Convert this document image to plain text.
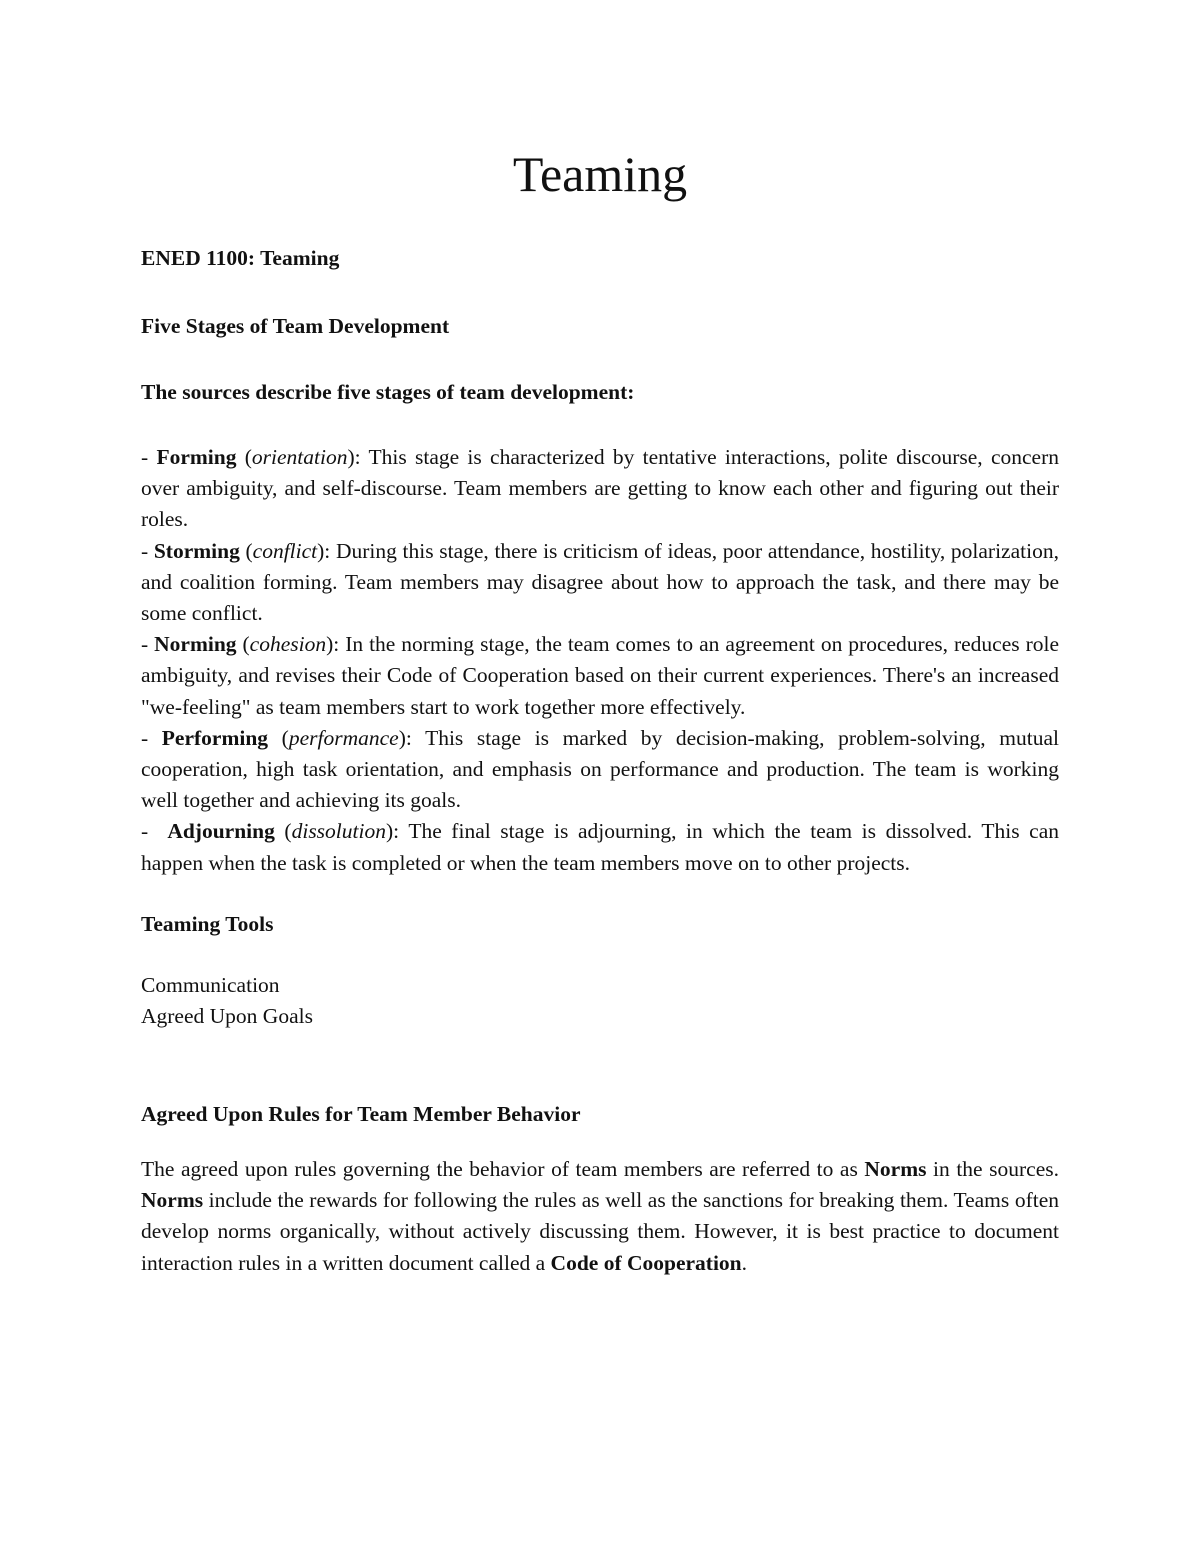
Teaming

ENED 1100: Teaming

Five Stages of Team Development

The sources describe five stages of team development:

- Forming (orientation): This stage is characterized by tentative interactions, polite discourse, concern over ambiguity, and self-discourse. Team members are getting to know each other and figuring out their roles.
- Storming (conflict): During this stage, there is criticism of ideas, poor attendance, hostility, polarization, and coalition forming. Team members may disagree about how to approach the task, and there may be some conflict.
- Norming (cohesion): In the norming stage, the team comes to an agreement on procedures, reduces role ambiguity, and revises their Code of Cooperation based on their current experiences. There's an increased "we-feeling" as team members start to work together more effectively.
- Performing (performance): This stage is marked by decision-making, problem-solving, mutual cooperation, high task orientation, and emphasis on performance and production. The team is working well together and achieving its goals.
-  Adjourning (dissolution): The final stage is adjourning, in which the team is dissolved. This can happen when the task is completed or when the team members move on to other projects.

Teaming Tools

Communication
Agreed Upon Goals

Agreed Upon Rules for Team Member Behavior

The agreed upon rules governing the behavior of team members are referred to as Norms in the sources. Norms include the rewards for following the rules as well as the sanctions for breaking them. Teams often develop norms organically, without actively discussing them. However, it is best practice to document interaction rules in a written document called a Code of Cooperation.
